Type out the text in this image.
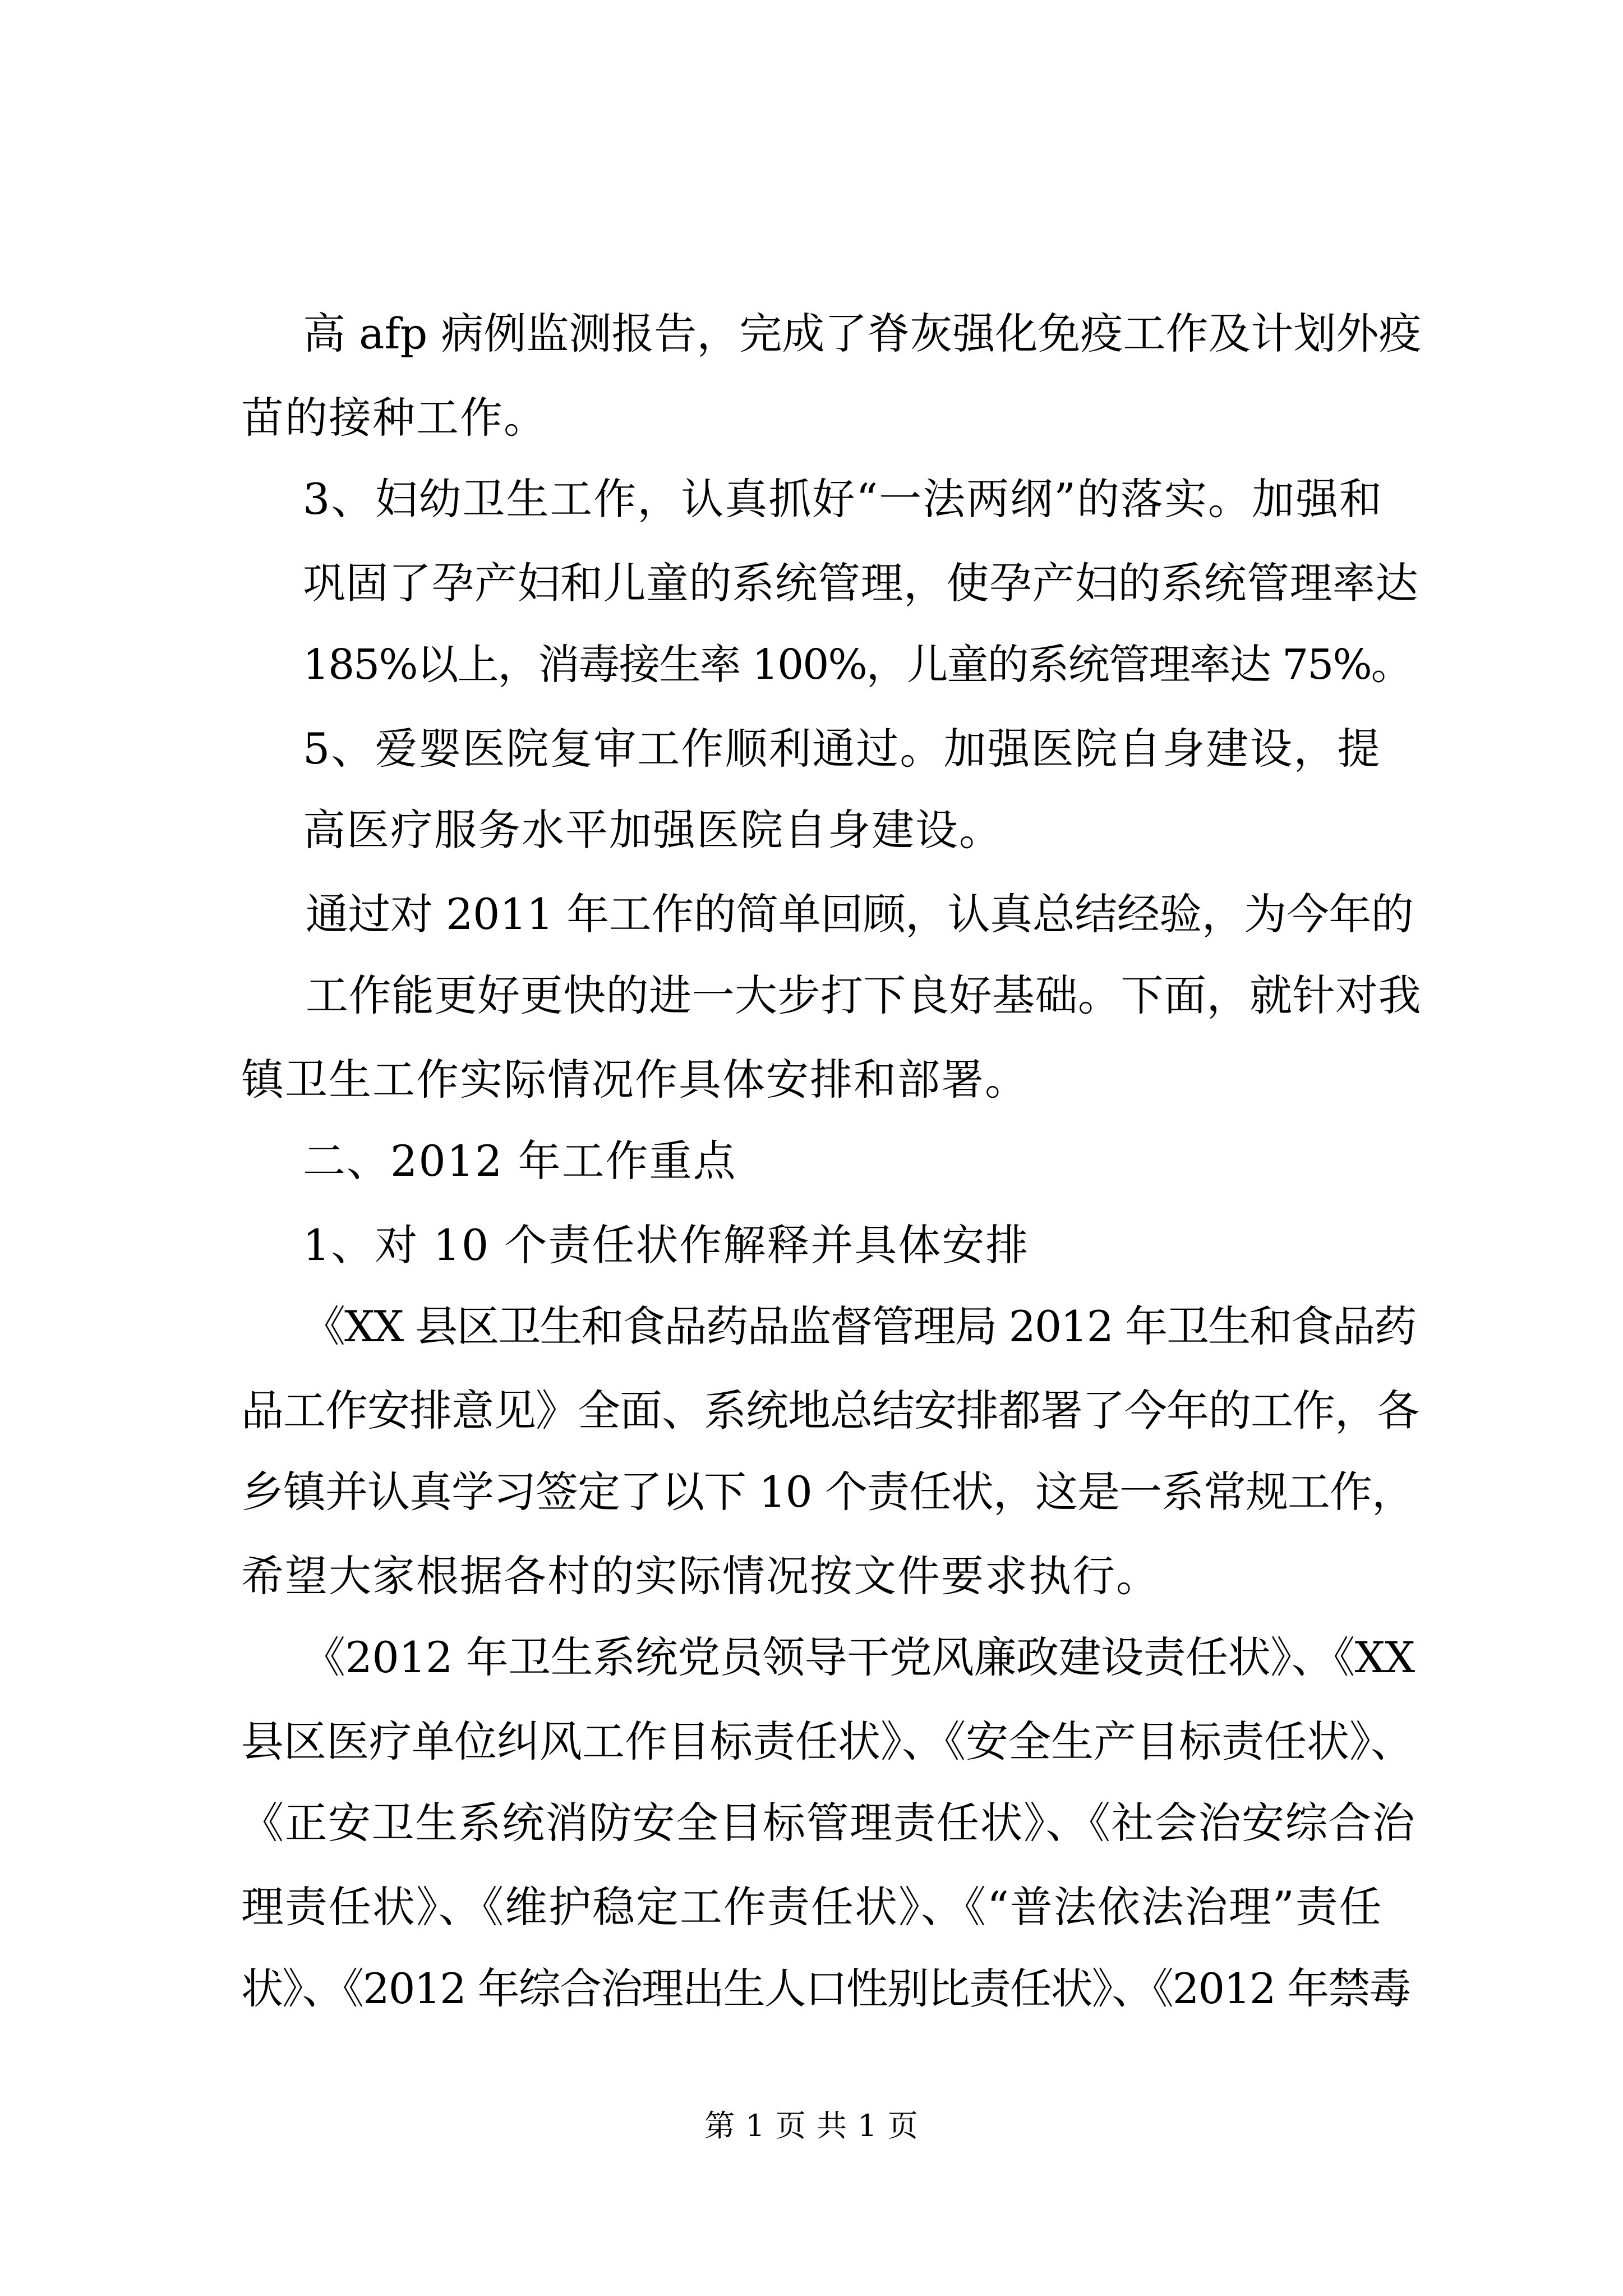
高 afp 病例监测报告，完成了脊灰强化免疫工作及计划外疫
苗的接种工作。
3、妇幼卫生工作，认真抓好“一法两纲”的落实。加强和
巩固了孕产妇和儿童的系统管理，使孕产妇的系统管理率达
185%以上，消毒接生率 100%，儿童的系统管理率达 75%。
5、爱婴医院复审工作顺利通过。加强医院自身建设，提
高医疗服务水平加强医院自身建设。
通过对 2011 年工作的简单回顾，认真总结经验，为今年的
工作能更好更快的进一大步打下良好基础。下面，就针对我
镇卫生工作实际情况作具体安排和部署。
二、2012 年工作重点
1、对 10 个责任状作解释并具体安排
《XX 县区卫生和食品药品监督管理局 2012 年卫生和食品药
品工作安排意见》全面、系统地总结安排都署了今年的工作，各
乡镇并认真学习签定了以下 10 个责任状，这是一系常规工作，
希望大家根据各村的实际情况按文件要求执行。
《2012 年卫生系统党员领导干党风廉政建设责任状》、《XX
县区医疗单位纠风工作目标责任状》、《安全生产目标责任状》、
《正安卫生系统消防安全目标管理责任状》、《社会治安综合治
理责任状》、《维护稳定工作责任状》、《“普法依法治理”责任
状》、《2012 年综合治理出生人口性别比责任状》、《2012 年禁毒
第 1 页 共 1 页
